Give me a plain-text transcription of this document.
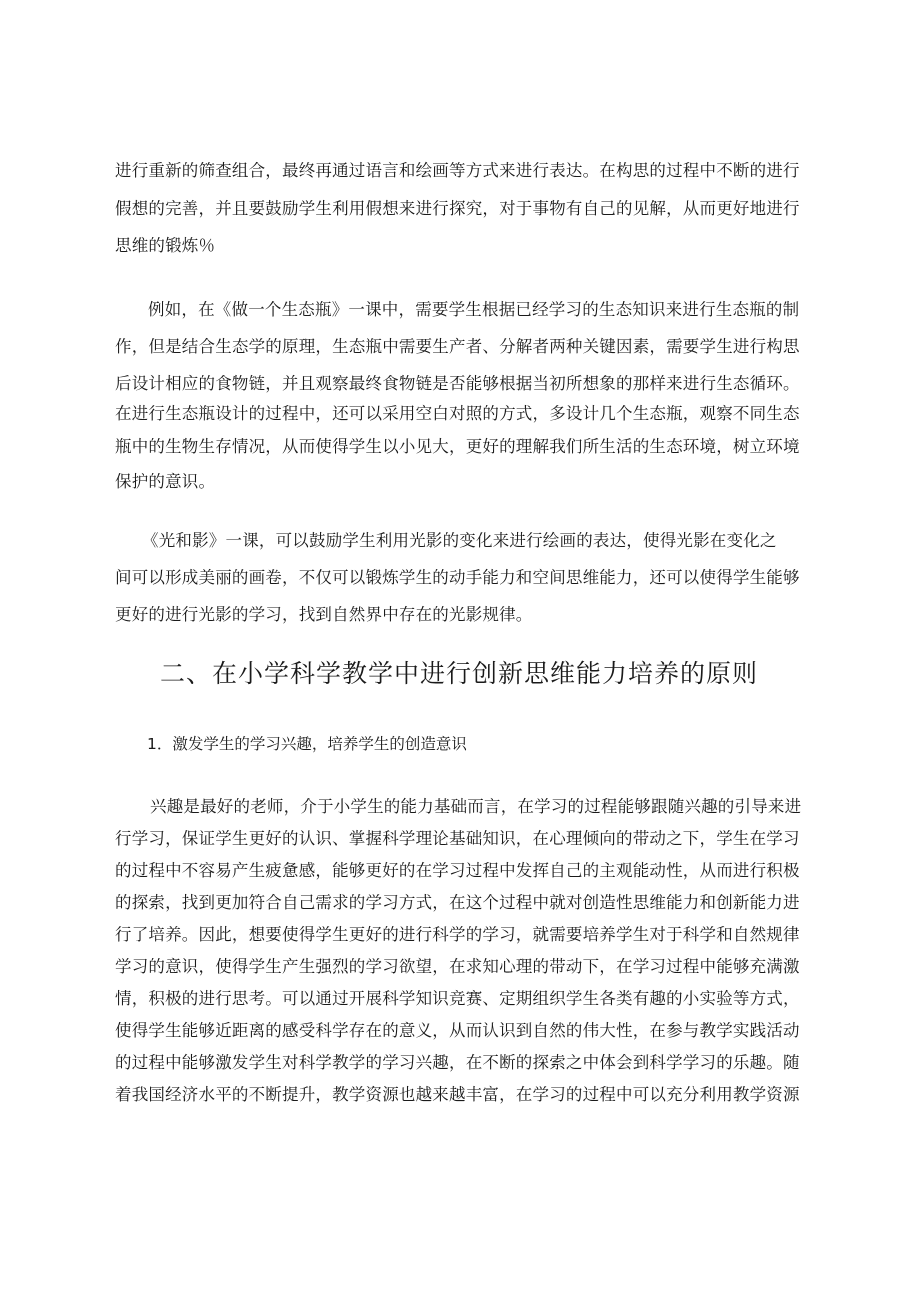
进行重新的筛查组合，最终再通过语言和绘画等方式来进行表达。在构思的过程中不断的进行
假想的完善，并且要鼓励学生利用假想来进行探究，对于事物有自己的见解，从而更好地进行
思维的锻炼％
例如，在《做一个生态瓶》一课中，需要学生根据已经学习的生态知识来进行生态瓶的制
作，但是结合生态学的原理，生态瓶中需要生产者、分解者两种关键因素，需要学生进行构思
后设计相应的食物链，并且观察最终食物链是否能够根据当初所想象的那样来进行生态循环。
在进行生态瓶设计的过程中，还可以采用空白对照的方式，多设计几个生态瓶，观察不同生态
瓶中的生物生存情况，从而使得学生以小见大，更好的理解我们所生活的生态环境，树立环境
保护的意识。
《光和影》一课，可以鼓励学生利用光影的变化来进行绘画的表达，使得光影在变化之
间可以形成美丽的画卷，不仅可以锻炼学生的动手能力和空间思维能力，还可以使得学生能够
更好的进行光影的学习，找到自然界中存在的光影规律。
二、在小学科学教学中进行创新思维能力培养的原则
1．激发学生的学习兴趣，培养学生的创造意识
兴趣是最好的老师，介于小学生的能力基础而言，在学习的过程能够跟随兴趣的引导来进
行学习，保证学生更好的认识、掌握科学理论基础知识，在心理倾向的带动之下，学生在学习
的过程中不容易产生疲惫感，能够更好的在学习过程中发挥自己的主观能动性，从而进行积极
的探索，找到更加符合自己需求的学习方式，在这个过程中就对创造性思维能力和创新能力进
行了培养。因此，想要使得学生更好的进行科学的学习，就需要培养学生对于科学和自然规律
学习的意识，使得学生产生强烈的学习欲望，在求知心理的带动下，在学习过程中能够充满激
情，积极的进行思考。可以通过开展科学知识竞赛、定期组织学生各类有趣的小实验等方式，
使得学生能够近距离的感受科学存在的意义，从而认识到自然的伟大性，在参与教学实践活动
的过程中能够激发学生对科学教学的学习兴趣，在不断的探索之中体会到科学学习的乐趣。随
着我国经济水平的不断提升，教学资源也越来越丰富，在学习的过程中可以充分利用教学资源
